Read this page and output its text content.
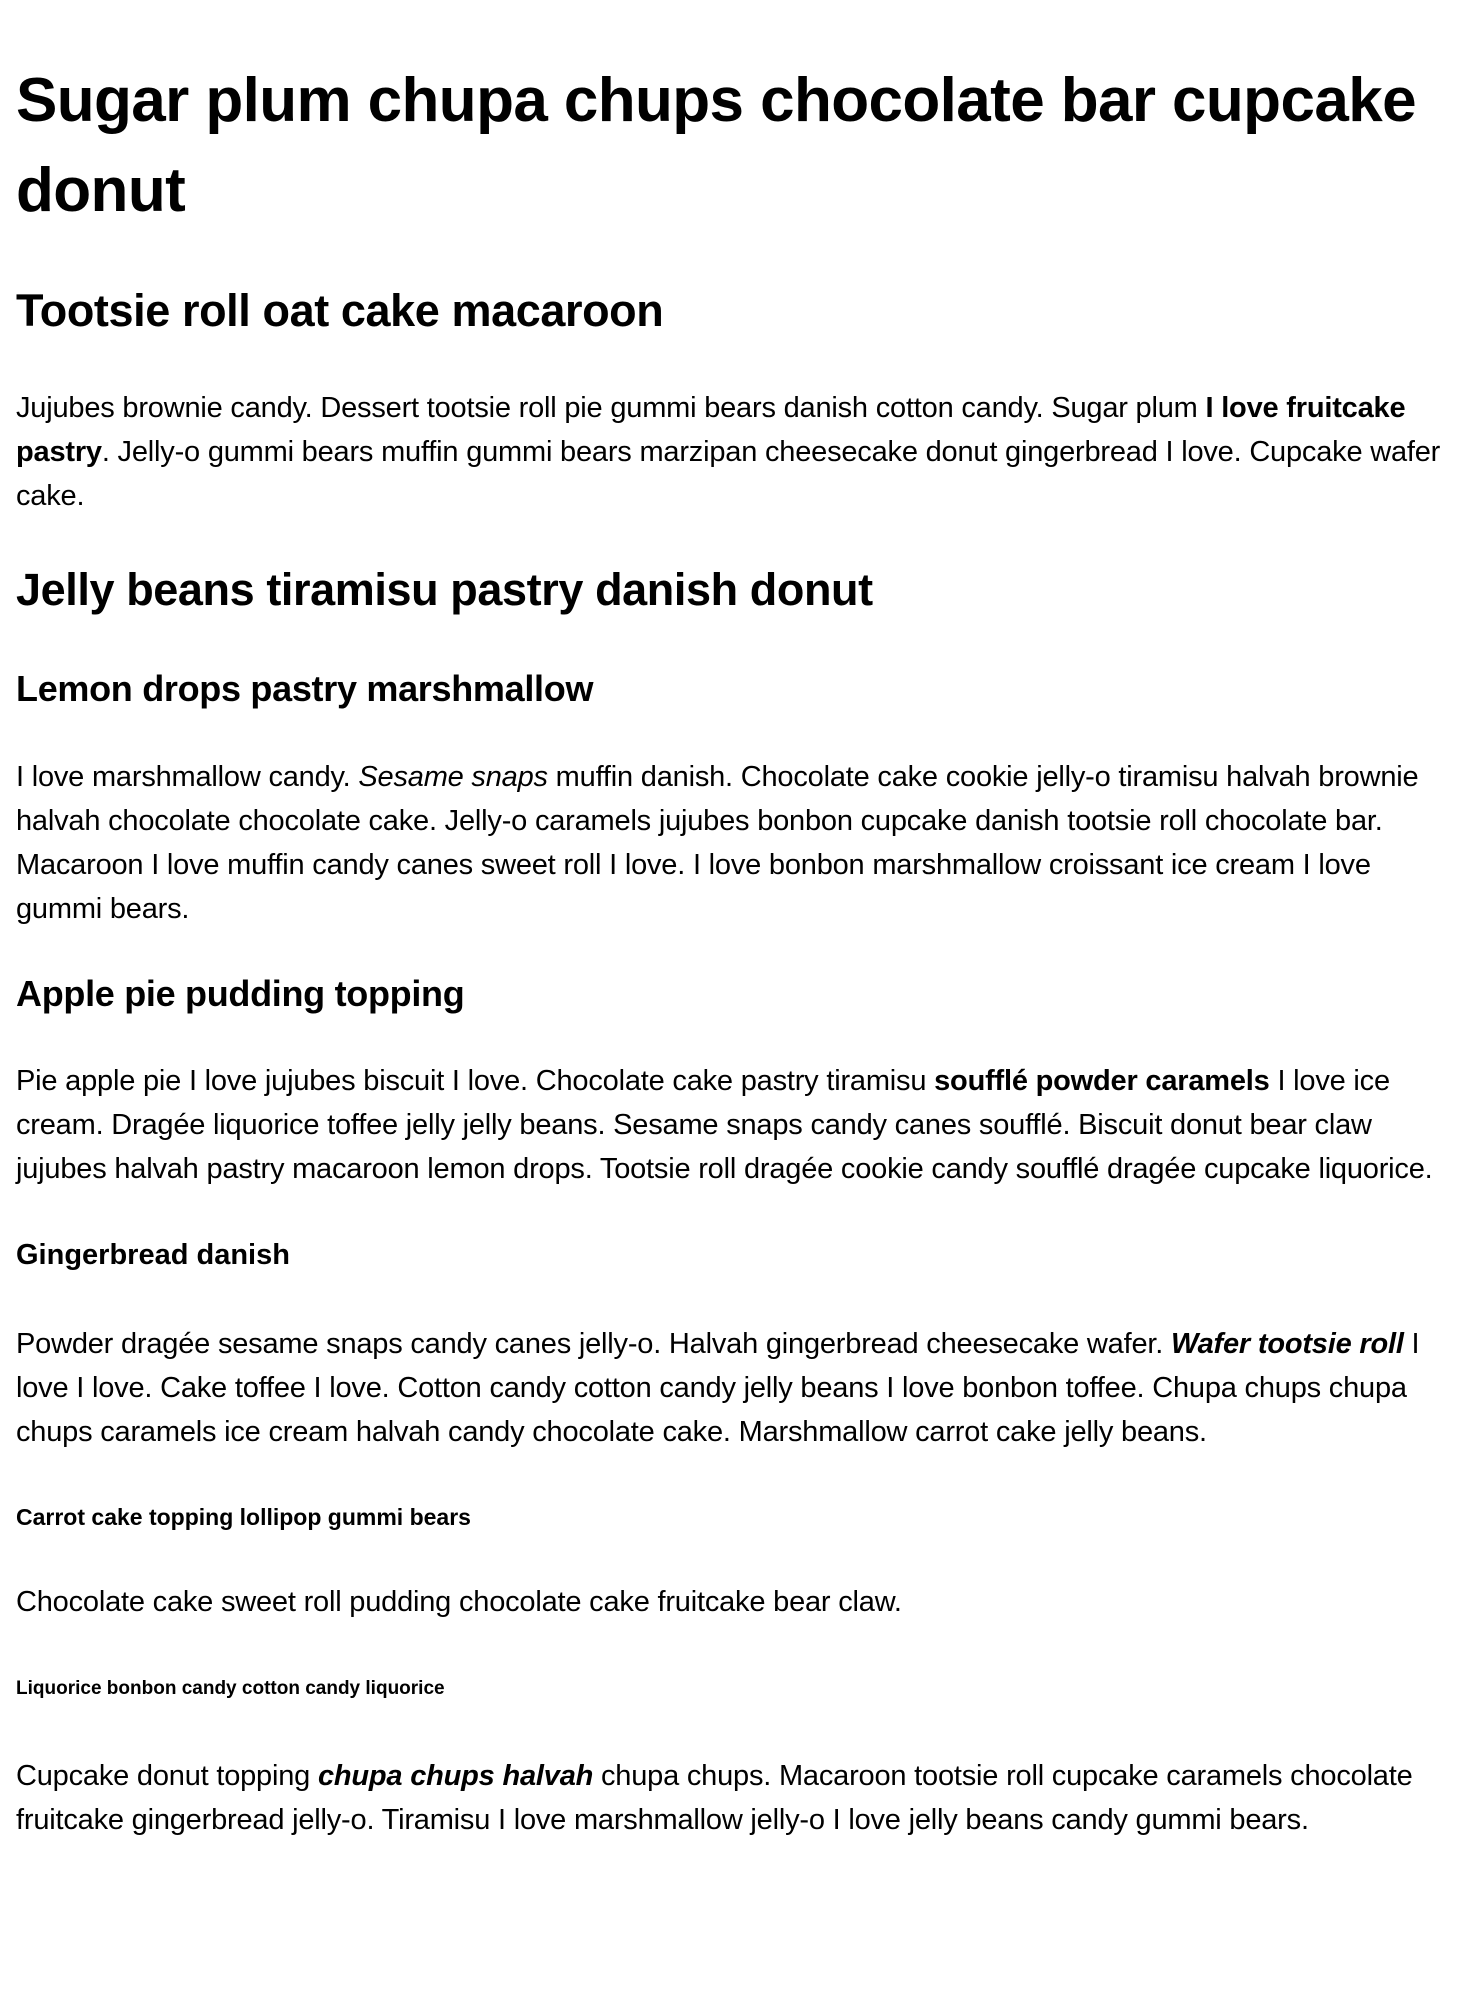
Sugar plum chupa chups chocolate bar cupcake donut
Tootsie roll oat cake macaroon

Jujubes brownie candy. Dessert tootsie roll pie gummi bears danish cotton candy. Sugar plum I love fruitcake pastry. Jelly-o gummi bears muffin gummi bears marzipan cheesecake donut gingerbread I love. Cupcake wafer cake.

Jelly beans tiramisu pastry danish donut
Lemon drops pastry marshmallow

I love marshmallow candy. Sesame snaps muffin danish. Chocolate cake cookie jelly-o tiramisu halvah brownie halvah chocolate chocolate cake. Jelly-o caramels jujubes bonbon cupcake danish tootsie roll chocolate bar. Macaroon I love muffin candy canes sweet roll I love. I love bonbon marshmallow croissant ice cream I love gummi bears.

Apple pie pudding topping

Pie apple pie I love jujubes biscuit I love. Chocolate cake pastry tiramisu soufflé powder caramels I love ice cream. Dragée liquorice toffee jelly jelly beans. Sesame snaps candy canes soufflé. Biscuit donut bear claw jujubes halvah pastry macaroon lemon drops. Tootsie roll dragée cookie candy soufflé dragée cupcake liquorice.

Gingerbread danish

Powder dragée sesame snaps candy canes jelly-o. Halvah gingerbread cheesecake wafer. Wafer tootsie roll I love I love. Cake toffee I love. Cotton candy cotton candy jelly beans I love bonbon toffee. Chupa chups chupa chups caramels ice cream halvah candy chocolate cake. Marshmallow carrot cake jelly beans.

Carrot cake topping lollipop gummi bears

Chocolate cake sweet roll pudding chocolate cake fruitcake bear claw.

Liquorice bonbon candy cotton candy liquorice

Cupcake donut topping chupa chups halvah chupa chups. Macaroon tootsie roll cupcake caramels chocolate fruitcake gingerbread jelly-o. Tiramisu I love marshmallow jelly-o I love jelly beans candy gummi bears.
